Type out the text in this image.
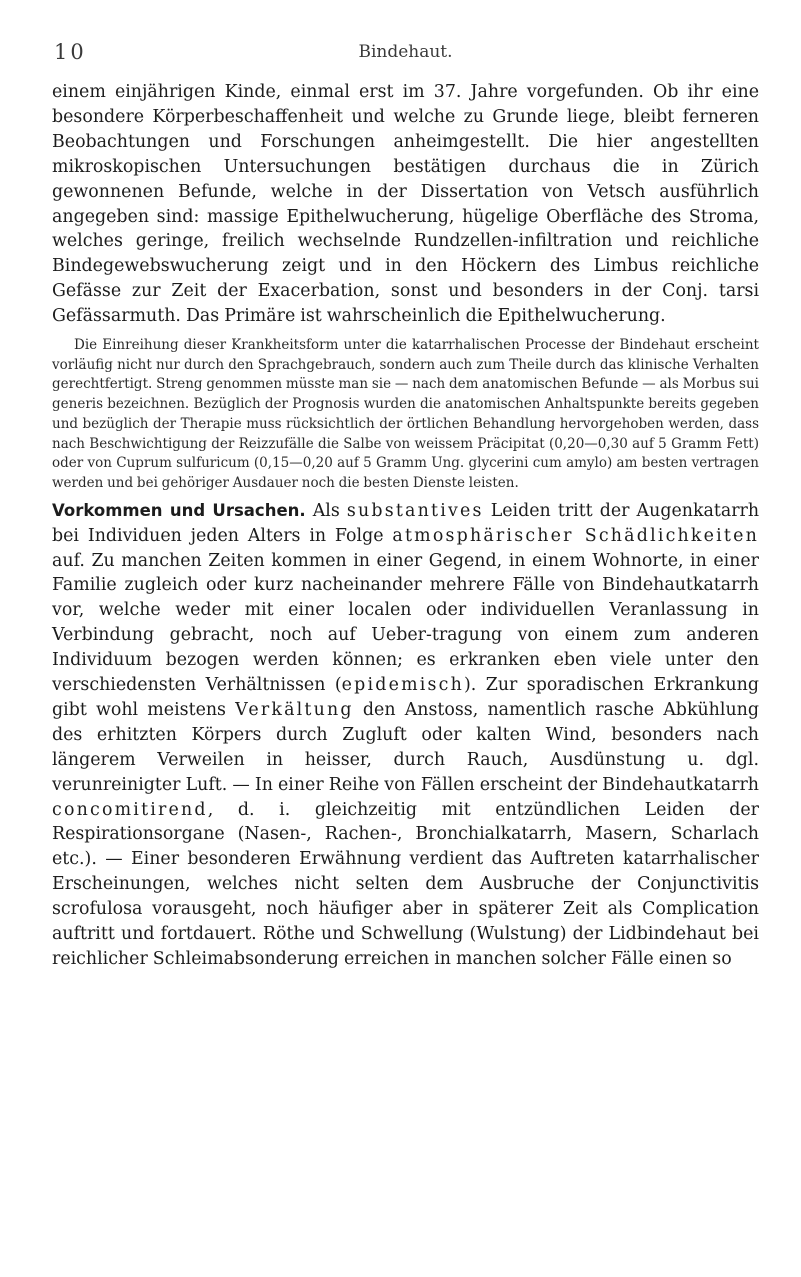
10	Bindehaut.

einem einjährigen Kinde, einmal erst im 37. Jahre vorgefunden. Ob ihr eine besondere Körperbeschaffenheit und welche zu Grunde liege, bleibt ferneren Beobachtungen und Forschungen anheimgestellt. Die hier angestellten mikroskopischen Untersuchungen bestätigen durchaus die in Zürich gewonnenen Befunde, welche in der Dissertation von Vetsch ausführlich angegeben sind: massige Epithelwucherung, hügelige Oberfläche des Stroma, welches geringe, freilich wechselnde Rundzellen-infiltration und reichliche Bindegewebswucherung zeigt und in den Höckern des Limbus reichliche Gefässe zur Zeit der Exacerbation, sonst und besonders in der Conj. tarsi Gefässarmuth. Das Primäre ist wahrscheinlich die Epithelwucherung.

Die Einreihung dieser Krankheitsform unter die katarrhalischen Processe der Bindehaut erscheint vorläufig nicht nur durch den Sprachgebrauch, sondern auch zum Theile durch das klinische Verhalten gerechtfertigt. Streng genommen müsste man sie — nach dem anatomischen Befunde — als Morbus sui generis bezeichnen. Bezüglich der Prognosis wurden die anatomischen Anhaltspunkte bereits gegeben und bezüglich der Therapie muss rücksichtlich der örtlichen Behandlung hervorgehoben werden, dass nach Beschwichtigung der Reizzufälle die Salbe von weissem Präcipitat (0,20—0,30 auf 5 Gramm Fett) oder von Cuprum sulfuricum (0,15—0,20 auf 5 Gramm Ung. glycerini cum amylo) am besten vertragen werden und bei gehöriger Ausdauer noch die besten Dienste leisten.

Vorkommen und Ursachen. Als substantives Leiden tritt der Augenkatarrh bei Individuen jeden Alters in Folge atmosphärischer Schädlichkeiten auf. Zu manchen Zeiten kommen in einer Gegend, in einem Wohnorte, in einer Familie zugleich oder kurz nacheinander mehrere Fälle von Bindehautkatarrh vor, welche weder mit einer localen oder individuellen Veranlassung in Verbindung gebracht, noch auf Ueber-tragung von einem zum anderen Individuum bezogen werden können; es erkranken eben viele unter den verschiedensten Verhältnissen (epidemisch). Zur sporadischen Erkrankung gibt wohl meistens Verkältung den Anstoss, namentlich rasche Abkühlung des erhitzten Körpers durch Zugluft oder kalten Wind, besonders nach längerem Verweilen in heisser, durch Rauch, Ausdünstung u. dgl. verunreinigter Luft. — In einer Reihe von Fällen erscheint der Bindehautkatarrh concomitirend, d. i. gleichzeitig mit entzündlichen Leiden der Respirationsorgane (Nasen-, Rachen-, Bronchialkatarrh, Masern, Scharlach etc.). — Einer besonderen Erwähnung verdient das Auftreten katarrhalischer Erscheinungen, welches nicht selten dem Ausbruche der Conjunctivitis scrofulosa vorausgeht, noch häufiger aber in späterer Zeit als Complication auftritt und fortdauert. Röthe und Schwellung (Wulstung) der Lidbindehaut bei reichlicher Schleimabsonderung erreichen in manchen solcher Fälle einen so
